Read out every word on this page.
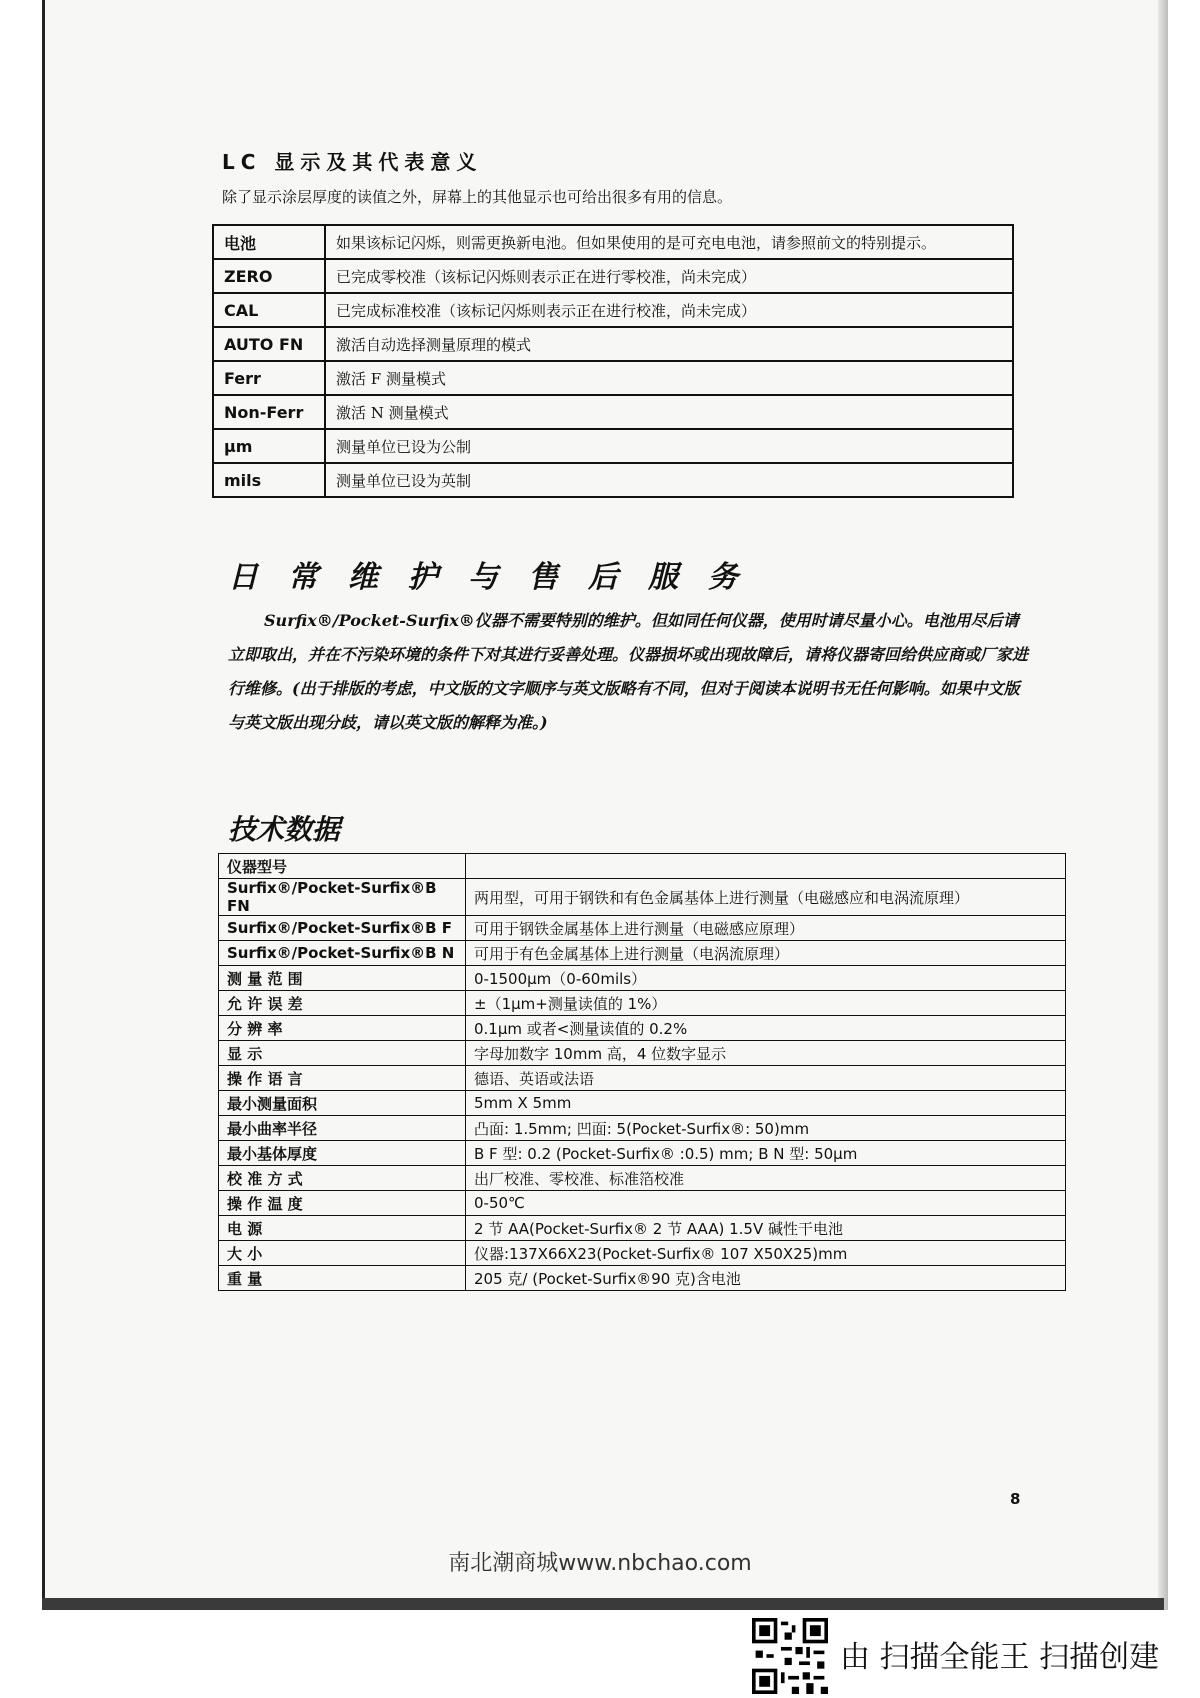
LC 显示及其代表意义
除了显示涂层厚度的读值之外，屏幕上的其他显示也可给出很多有用的信息。
电池	如果该标记闪烁，则需更换新电池。但如果使用的是可充电电池，请参照前文的特别提示。
ZERO	已完成零校准（该标记闪烁则表示正在进行零校准，尚未完成）
CAL	已完成标准校准（该标记闪烁则表示正在进行校准，尚未完成）
AUTO FN	激活自动选择测量原理的模式
Ferr	激活 F 测量模式
Non-Ferr	激活 N 测量模式
μm	测量单位已设为公制
mils	测量单位已设为英制
日常维护与售后服务
Surfix®/Pocket-Surfix®仪器不需要特别的维护。但如同任何仪器，使用时请尽量小心。电池用尽后请立即取出，并在不污染环境的条件下对其进行妥善处理。仪器损坏或出现故障后，请将仪器寄回给供应商或厂家进行维修。(出于排版的考虑，中文版的文字顺序与英文版略有不同，但对于阅读本说明书无任何影响。如果中文版与英文版出现分歧，请以英文版的解释为准。)
技术数据
仪器型号	
Surfix®/Pocket-Surfix®B FN	两用型，可用于钢铁和有色金属基体上进行测量（电磁感应和电涡流原理）
Surfix®/Pocket-Surfix®B F	可用于钢铁金属基体上进行测量（电磁感应原理）
Surfix®/Pocket-Surfix®B N	可用于有色金属基体上进行测量（电涡流原理）
测 量 范 围	0-1500μm（0-60mils）
允 许 误 差	±（1μm+测量读值的 1%）
分 辨 率	0.1μm 或者<测量读值的 0.2%
显 示	字母加数字 10mm 高，4 位数字显示
操 作 语 言	德语、英语或法语
最小测量面积	5mm X 5mm
最小曲率半径	凸面: 1.5mm; 凹面: 5(Pocket-Surfix®: 50)mm
最小基体厚度	B F 型: 0.2 (Pocket-Surfix® :0.5) mm; B N 型: 50μm
校 准 方 式	出厂校准、零校准、标准箔校准
操 作 温 度	0-50℃
电 源	2 节 AA(Pocket-Surfix® 2 节 AAA) 1.5V 碱性干电池
大 小	仪器:137X66X23(Pocket-Surfix® 107 X50X25)mm
重 量	205 克/ (Pocket-Surfix®90 克)含电池
8
南北潮商城www.nbchao.com
由 扫描全能王 扫描创建
